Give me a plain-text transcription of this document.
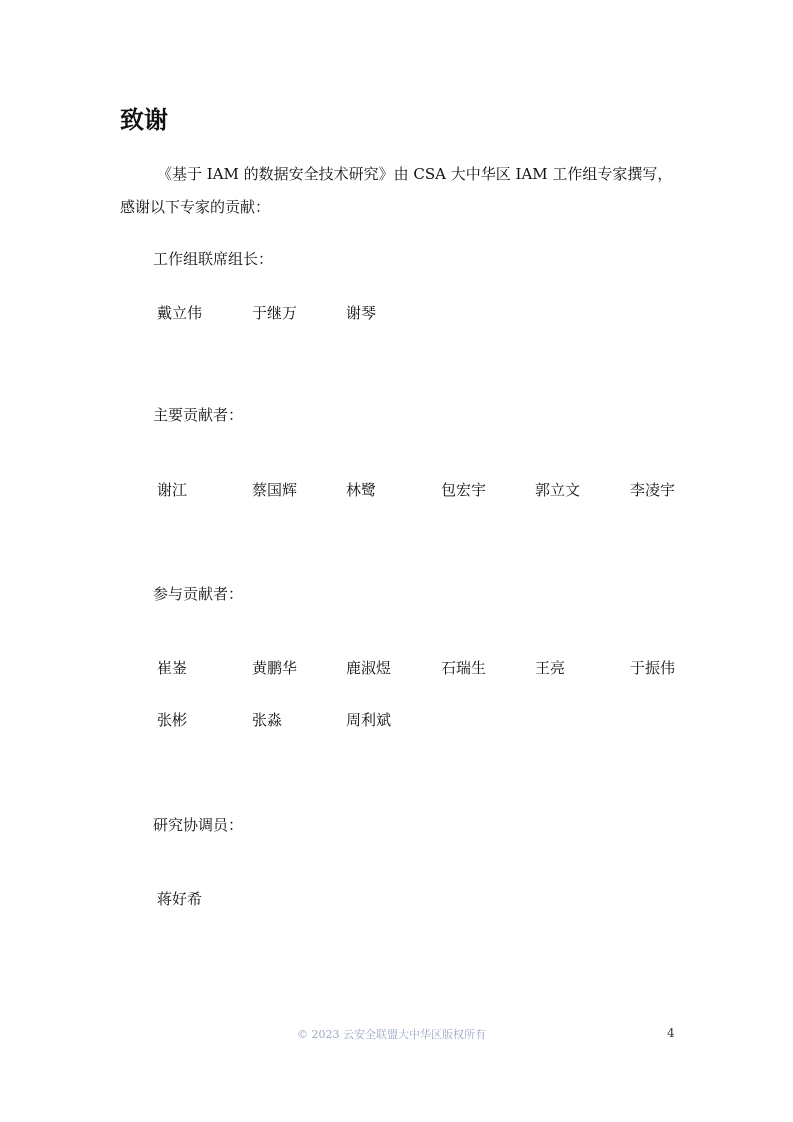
致谢
《基于 IAM 的数据安全技术研究》由 CSA 大中华区 IAM 工作组专家撰写，
感谢以下专家的贡献：
工作组联席组长：
戴立伟	于继万	谢琴
主要贡献者：
谢江	蔡国辉	林鹭	包宏宇	郭立文	李凌宇
参与贡献者：
崔崟	黄鹏华	鹿淑煜	石瑞生	王亮	于振伟
张彬	张淼	周利斌
研究协调员：
蒋好希
© 2023 云安全联盟大中华区版权所有	4
